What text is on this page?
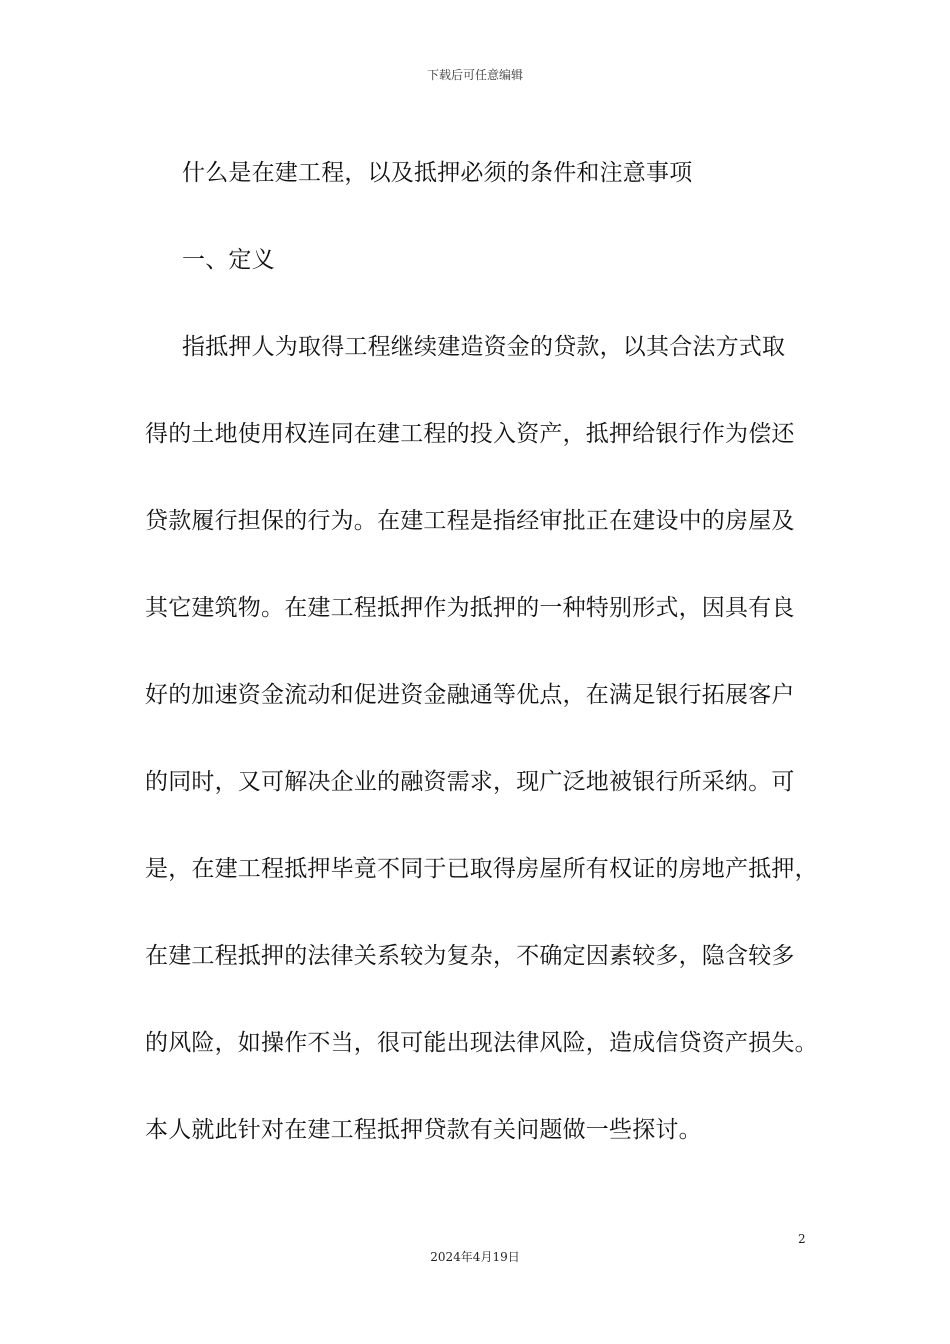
下载后可任意编辑
什么是在建工程，以及抵押必须的条件和注意事项
一、定义
指抵押人为取得工程继续建造资金的贷款，以其合法方式取
得的土地使用权连同在建工程的投入资产，抵押给银行作为偿还
贷款履行担保的行为。在建工程是指经审批正在建设中的房屋及
其它建筑物。在建工程抵押作为抵押的一种特别形式，因具有良
好的加速资金流动和促进资金融通等优点，在满足银行拓展客户
的同时，又可解决企业的融资需求，现广泛地被银行所采纳。可
是，在建工程抵押毕竟不同于已取得房屋所有权证的房地产抵押，
在建工程抵押的法律关系较为复杂，不确定因素较多，隐含较多
的风险，如操作不当，很可能出现法律风险，造成信贷资产损失。
本人就此针对在建工程抵押贷款有关问题做一些探讨。
2
2024年4月19日
